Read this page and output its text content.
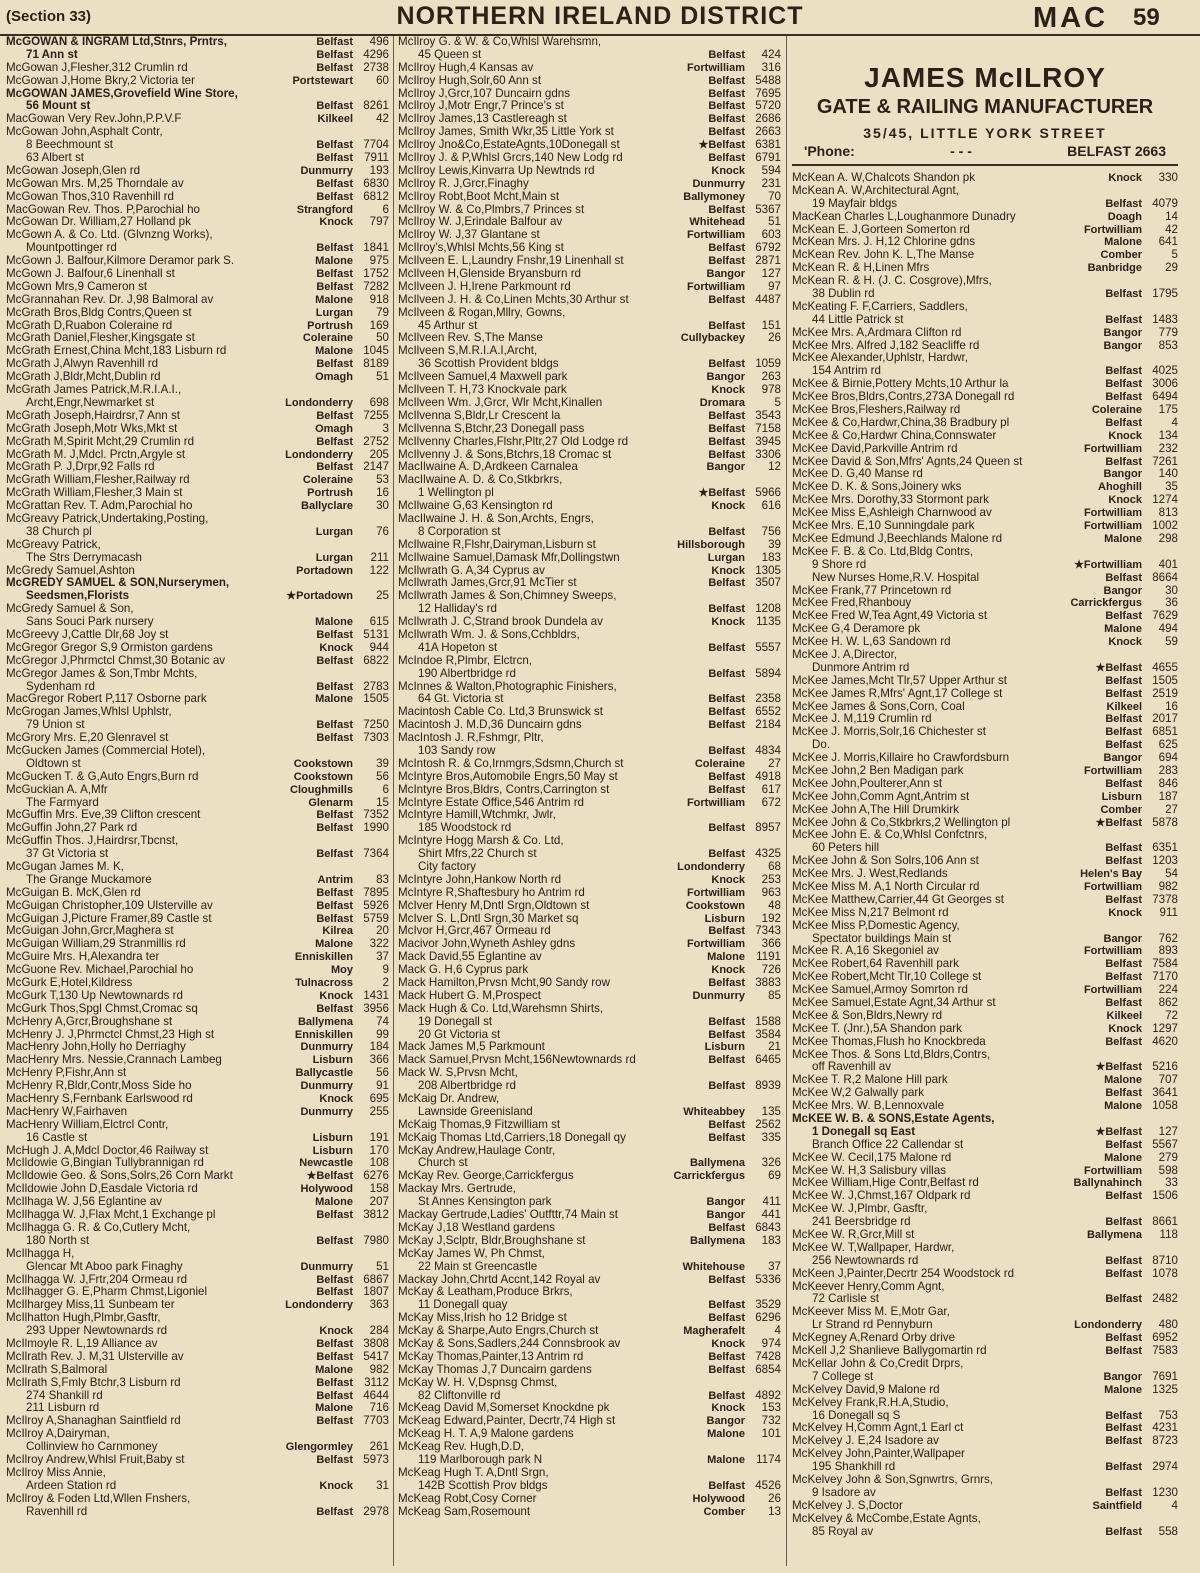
(Section 33)	NORTHERN IRELAND DISTRICT	MAC 59
JAMES McILROY
GATE & RAILING MANUFACTURER
35/45, LITTLE YORK STREET
'Phone:	- - -	BELFAST 2663
McGOWAN & INGRAM Ltd,Stnrs, Prntrs,	Belfast	496
71 Ann st	Belfast 4296
McGowan J,Flesher,312 Crumlin rd	Belfast 2738
McGowan J,Home Bkry,2 Victoria ter	Portstewart	60
McGOWAN JAMES,Grovefield Wine Store,
56 Mount st	Belfast 8261
MacGowan Very Rev.John,P.P.V.F	Kilkeel	42
McGowan John,Asphalt Contr,
8 Beechmount st	Belfast 7704
63 Albert st	Belfast 7911
McGowan Joseph,Glen rd	Dunmurry	193
McGowan Mrs. M,25 Thorndale av	Belfast 6830
McGowan Thos,310 Ravenhill rd	Belfast 6812
MacGowan Rev. Thos. P,Parochial ho	Strangford	6
McGowan Dr. William,27 Holland pk	Knock	797
McGown A. & Co. Ltd. (Glvnzng Works),
Mountpottinger rd	Belfast 1841
McGown J. Balfour,Kilmore Deramor park S.	Malone	975
McGown J. Balfour,6 Linenhall st	Belfast 1752
McGown Mrs,9 Cameron st	Belfast 7282
McGrannahan Rev. Dr. J,98 Balmoral av	Malone	918
McGrath Bros,Bldg Contrs,Queen st	Lurgan	79
McGrath D,Ruabon Coleraine rd	Portrush	169
McGrath Daniel,Flesher,Kingsgate st	Coleraine	50
McGrath Ernest,China Mcht,183 Lisburn rd	Malone 1045
McGrath J,Alwyn Ravenhill rd	Belfast 8189
McGrath J,Bldr,Mcht,Dublin rd	Omagh	51
McGrath James Patrick,M.R.I.A.I.,
Archt,Engr,Newmarket st	Londonderry	698
McGrath Joseph,Hairdrsr,7 Ann st	Belfast 7255
McGrath Joseph,Motr Wks,Mkt st	Omagh	3
McGrath M,Spirit Mcht,29 Crumlin rd	Belfast 2752
McGrath M. J,Mdcl. Prctn,Argyle st	Londonderry	205
McGrath P. J,Drpr,92 Falls rd	Belfast 2147
McGrath William,Flesher,Railway rd	Coleraine	53
McGrath William,Flesher,3 Main st	Portrush	16
McGrattan Rev. T. Adm,Parochial ho	Ballyclare	30
McGreavy Patrick,Undertaking,Posting,
38 Church pl	Lurgan	76
McGreavy Patrick,
The Strs Derrymacash	Lurgan	211
McGredy Samuel,Ashton	Portadown	122
McGREDY SAMUEL & SON,Nurserymen,
Seedsmen,Florists	★Portadown	25
McGredy Samuel & Son,
Sans Souci Park nursery	Malone	615
McGreevy J,Cattle Dlr,68 Joy st	Belfast 5131
McGregor Gregor S,9 Ormiston gardens	Knock	944
McGregor J,Phrmctcl Chmst,30 Botanic av	Belfast 6822
McGregor James & Son,Tmbr Mchts,
Sydenham rd	Belfast 2783
MacGregor Robert P,117 Osborne park	Malone 1505
McGrogan James,Whlsl Uphlstr,
79 Union st	Belfast 7250
McGrory Mrs. E,20 Glenravel st	Belfast 7303
McGucken James (Commercial Hotel),
Oldtown st	Cookstown	39
McGucken T. & G,Auto Engrs,Burn rd	Cookstown	56
McGuckian A. A,Mfr	Cloughmills	6
The Farmyard	Glenarm	15
McGuffin Mrs. Eve,39 Clifton crescent	Belfast 7352
McGuffin John,27 Park rd	Belfast 1990
McGuffin Thos. J,Hairdrsr,Tbcnst,
37 Gt Victoria st	Belfast 7364
McGugan James M. K,
The Grange Muckamore	Antrim	83
McGuigan B. McK,Glen rd	Belfast 7895
McGuigan Christopher,109 Ulsterville av	Belfast 5926
McGuigan J,Picture Framer,89 Castle st	Belfast 5759
McGuigan John,Grcr,Maghera st	Kilrea	20
McGuigan William,29 Stranmillis rd	Malone	322
McGuire Mrs. H,Alexandra ter	Enniskillen	37
McGuone Rev. Michael,Parochial ho	Moy	9
McGurk E,Hotel,Kildress	Tulnacross	2
McGurk T,130 Up Newtownards rd	Knock 1431
McGurk Thos,Spgl Chmst,Cromac sq	Belfast 3956
McHenry A,Grcr,Broughshane st	Ballymena	74
McHenry J. J,Phrmctcl Chmst,23 High st	Enniskillen	99
MacHenry John,Holly ho Derriaghy	Dunmurry	184
MacHenry Mrs. Nessie,Crannach Lambeg	Lisburn	366
McHenry P,Fishr,Ann st	Ballycastle	56
McHenry R,Bldr,Contr,Moss Side ho	Dunmurry	91
MacHenry S,Fernbank Earlswood rd	Knock	695
MacHenry W,Fairhaven	Dunmurry	255
MacHenry William,Elctrcl Contr,
16 Castle st	Lisburn	191
McHugh J. A,Mdcl Doctor,46 Railway st	Lisburn	170
McIldowie G,Bingian Tullybrannigan rd	Newcastle	108
McIldowie Geo. & Sons,Solrs,26 Corn Markt	★Belfast 6276
McIldowie John D,Easdale Victoria rd	Holywood	158
McIlhaga W. J,56 Eglantine av	Malone	207
McIlhagga W. J,Flax Mcht,1 Exchange pl	Belfast 3812
McIlhagga G. R. & Co,Cutlery Mcht,
180 North st	Belfast 7980
McIlhagga H,
Glencar Mt Aboo park Finaghy	Dunmurry	51
McIlhagga W. J,Frtr,204 Ormeau rd	Belfast 6867
McIlhagger G. E,Pharm Chmst,Ligoniel	Belfast 1807
McIlhargey Miss,11 Sunbeam ter	Londonderry	363
McIlhatton Hugh,Plmbr,Gasftr,
293 Upper Newtownards rd	Knock	284
McIlmoyle R. L,19 Alliance av	Belfast 3808
McIlrath Rev. J. M,31 Ulsterville av	Belfast 5417
McIlrath S,Balmoral	Malone	982
McIlrath S,Fmly Btchr,3 Lisburn rd	Belfast 3112
274 Shankill rd	Belfast 4644
211 Lisburn rd	Malone	716
McIlroy A,Shanaghan Saintfield rd	Belfast 7703
McIlroy A,Dairyman,
Collinview ho Carnmoney	Glengormley	261
McIlroy Andrew,Whlsl Fruit,Baby st	Belfast 5973
McIlroy Miss Annie,
Ardeen Station rd	Knock	31
McIlroy & Foden Ltd,Wllen Fnshers,
Ravenhill rd	Belfast 2978
McIlroy G. & W. & Co,Whlsl Warehsmn,
45 Queen st	Belfast	424
McIlroy Hugh,4 Kansas av	Fortwilliam	316
McIlroy Hugh,Solr,60 Ann st	Belfast 5488
McIlroy J,Grcr,107 Duncairn gdns	Belfast 7695
McIlroy J,Motr Engr,7 Prince's st	Belfast 5720
McIlroy James,13 Castlereagh st	Belfast 2686
McIlroy James, Smith Wkr,35 Little York st	Belfast 2663
McIlroy Jno&Co,EstateAgnts,10Donegall st	★Belfast 6381
McIlroy J. & P,Whlsl Grcrs,140 New Lodg rd	Belfast 6791
McIlroy Lewis,Kinvarra Up Newtnds rd	Knock	594
McIlroy R. J,Grcr,Finaghy	Dunmurry	231
McIlroy Robt,Boot Mcht,Main st	Ballymoney	70
McIlroy W. & Co,Plmbrs,7 Princes st	Belfast 5367
McIlroy W. J,Erindale Balfour av	Whitehead	51
McIlroy W. J,37 Glantane st	Fortwilliam	603
McIlroy's,Whlsl Mchts,56 King st	Belfast 6792
McIlveen E. L,Laundry Fnshr,19 Linenhall st	Belfast 2871
McIlveen H,Glenside Bryansburn rd	Bangor	127
McIlveen J. H,Irene Parkmount rd	Fortwilliam	97
McIlveen J. H. & Co,Linen Mchts,30 Arthur st	Belfast 4487
McIlveen & Rogan,Mllry, Gowns,
45 Arthur st	Belfast	151
McIlveen Rev. S,The Manse	Cullybackey	26
McIlveen S,M.R.I.A.I,Archt,
36 Scottish Provident bldgs	Belfast 1059
McIlveen Samuel,4 Maxwell park	Bangor	263
McIlveen T. H,73 Knockvale park	Knock	978
McIlveen Wm. J,Grcr, Wlr Mcht,Kinallen	Dromara	5
McIlvenna S,Bldr,Lr Crescent la	Belfast 3543
McIlvenna S,Btchr,23 Donegall pass	Belfast 7158
McIlvenny Charles,Flshr,Pltr,27 Old Lodge rd	Belfast 3945
McIlvenny J. & Sons,Btchrs,18 Cromac st	Belfast 3306
MacIlwaine A. D,Ardkeen Carnalea	Bangor	12
MacIlwaine A. D. & Co,Stkbrkrs,
1 Wellington pl	★Belfast 5966
McIlwaine G,63 Kensington rd	Knock	616
MacIlwaine J. H. & Son,Archts, Engrs,
8 Corporation st	Belfast	756
McIlwaine R,Flshr,Dairyman,Lisburn st	Hillsborough	39
McIlwaine Samuel,Damask Mfr,Dollingstwn	Lurgan	183
McIlwrath G. A,34 Cyprus av	Knock 1305
McIlwrath James,Grcr,91 McTier st	Belfast 3507
McIlwrath James & Son,Chimney Sweeps,
12 Halliday's rd	Belfast 1208
McIlwrath J. C,Strand brook Dundela av	Knock 1135
McIlwrath Wm. J. & Sons,Cchbldrs,
41A Hopeton st	Belfast 5557
McIndoe R,Plmbr, Elctrcn,
190 Albertbridge rd	Belfast 5894
McInnes & Walton,Photographic Finishers,
64 Gt. Victoria st	Belfast 2358
Macintosh Cable Co. Ltd,3 Brunswick st	Belfast 6552
Macintosh J. M.D,36 Duncairn gdns	Belfast 2184
MacIntosh J. R,Fshmgr, Pltr,
103 Sandy row	Belfast 4834
McIntosh R. & Co,Irnmgrs,Sdsmn,Church st	Coleraine	27
McIntyre Bros,Automobile Engrs,50 May st	Belfast 4918
McIntyre Bros,Bldrs, Contrs,Carrington st	Belfast	617
McIntyre Estate Office,546 Antrim rd	Fortwilliam	672
McIntyre Hamill,Wtchmkr, Jwlr,
185 Woodstock rd	Belfast 8957
McIntyre Hogg Marsh & Co. Ltd,
Shirt Mfrs,22 Church st	Belfast 4325
City factory	Londonderry	68
McIntyre John,Hankow North rd	Knock	253
McIntyre R,Shaftesbury ho Antrim rd	Fortwilliam	963
McIver Henry M,Dntl Srgn,Oldtown st	Cookstown	48
McIver S. L,Dntl Srgn,30 Market sq	Lisburn	192
McIvor H,Grcr,467 Ormeau rd	Belfast 7343
Macivor John,Wyneth Ashley gdns	Fortwilliam	366
Mack David,55 Eglantine av	Malone 1191
Mack G. H,6 Cyprus park	Knock	726
Mack Hamilton,Prvsn Mcht,90 Sandy row	Belfast 3883
Mack Hubert G. M,Prospect	Dunmurry	85
Mack Hugh & Co. Ltd,Warehsmn Shirts,
19 Donegall st	Belfast 1588
20 Gt Victoria st	Belfast 3584
Mack James M,5 Parkmount	Lisburn	21
Mack Samuel,Prvsn Mcht,156Newtownards rd	Belfast 6465
Mack W. S,Prvsn Mcht,
208 Albertbridge rd	Belfast 8939
McKaig Dr. Andrew,
Lawnside Greenisland	Whiteabbey	135
McKaig Thomas,9 Fitzwilliam st	Belfast 2562
McKaig Thomas Ltd,Carriers,18 Donegall qy	Belfast	335
McKay Andrew,Haulage Contr,
Church st	Ballymena	326
McKay Rev. George,Carrickfergus	Carrickfergus	69
Mackay Mrs. Gertrude,
St Annes Kensington park	Bangor	411
Mackay Gertrude,Ladies' Outfttr,74 Main st	Bangor	441
McKay J,18 Westland gardens	Belfast 6843
McKay J,Sclptr, Bldr,Broughshane st	Ballymena	183
McKay James W, Ph Chmst,
22 Main st Greencastle	Whitehouse	37
Mackay John,Chrtd Accnt,142 Royal av	Belfast 5336
McKay & Leatham,Produce Brkrs,
11 Donegall quay	Belfast 3529
McKay Miss,Irish ho 12 Bridge st	Belfast 6296
McKay & Sharpe,Auto Engrs,Church st	Magherafelt	4
McKay & Sons,Sadlers,244 Connsbrook av	Knock	974
McKay Thomas,Painter,13 Antrim rd	Belfast 7428
McKay Thomas J,7 Duncairn gardens	Belfast 6854
McKay W. H. V,Dspnsg Chmst,
82 Cliftonville rd	Belfast 4892
McKeag David M,Somerset Knockdne pk	Knock	153
McKeag Edward,Painter, Decrtr,74 High st	Bangor	732
McKeag H. T. A,9 Malone gardens	Malone	101
McKeag Rev. Hugh,D.D,
119 Marlborough park N	Malone 1174
McKeag Hugh T. A,Dntl Srgn,
142B Scottish Prov bldgs	Belfast 4526
McKeag Robt,Cosy Corner	Holywood	26
McKeag Sam,Rosemount	Comber	13
McKean A. W,Chalcots Shandon pk	Knock	330
McKean A. W,Architectural Agnt,
19 Mayfair bldgs	Belfast 4079
MacKean Charles L,Loughanmore Dunadry	Doagh	14
McKean E. J,Gorteen Somerton rd	Fortwilliam	42
McKean Mrs. J. H,12 Chlorine gdns	Malone	641
McKean Rev. John K. L,The Manse	Comber	5
McKean R. & H,Linen Mfrs	Banbridge	29
McKean R. & H. (J. C. Cosgrove),Mfrs,
38 Dublin rd	Belfast 1795
McKeating F. F,Carriers, Saddlers,
44 Little Patrick st	Belfast 1483
McKee Mrs. A,Ardmara Clifton rd	Bangor	779
McKee Mrs. Alfred J,182 Seacliffe rd	Bangor	853
McKee Alexander,Uphlstr, Hardwr,
154 Antrim rd	Belfast 4025
McKee & Birnie,Pottery Mchts,10 Arthur la	Belfast 3006
McKee Bros,Bldrs,Contrs,273A Donegall rd	Belfast 6494
McKee Bros,Fleshers,Railway rd	Coleraine	175
McKee & Co,Hardwr,China,38 Bradbury pl	Belfast	4
McKee & Co,Hardwr China,Connswater	Knock	134
McKee David,Parkville Antrim rd	Fortwilliam	232
McKee David & Son,Mfrs' Agnts,24 Queen st	Belfast 7261
McKee D. G,40 Manse rd	Bangor	140
McKee D. K. & Sons,Joinery wks	Ahoghill	35
McKee Mrs. Dorothy,33 Stormont park	Knock 1274
McKee Miss E,Ashleigh Charnwood av	Fortwilliam	813
McKee Mrs. E,10 Sunningdale park	Fortwilliam 1002
McKee Edmund J,Beechlands Malone rd	Malone	298
McKee F. B. & Co. Ltd,Bldg Contrs,
9 Shore rd	★Fortwilliam	401
New Nurses Home,R.V. Hospital	Belfast 8664
McKee Frank,77 Princetown rd	Bangor	30
McKee Fred,Rhanbouy	Carrickfergus	36
McKee Fred W,Tea Agnt,49 Victoria st	Belfast 7629
McKee G,4 Deramore pk	Malone	494
McKee H. W. L,63 Sandown rd	Knock	59
McKee J. A,Director,
Dunmore Antrim rd	★Belfast 4655
McKee James,Mcht Tlr,57 Upper Arthur st	Belfast 1505
McKee James R,Mfrs' Agnt,17 College st	Belfast 2519
McKee James & Sons,Corn, Coal	Kilkeel	16
McKee J. M,119 Crumlin rd	Belfast 2017
McKee J. Morris,Solr,16 Chichester st	Belfast 6851
Do.	Belfast	625
McKee J. Morris,Killaire ho Crawfordsburn	Bangor	694
McKee John,2 Ben Madigan park	Fortwilliam	283
McKee John,Poulterer,Ann st	Belfast	846
McKee John,Comm Agnt,Antrim st	Lisburn	187
McKee John A,The Hill Drumkirk	Comber	27
McKee John & Co,Stkbrkrs,2 Wellington pl	★Belfast 5878
McKee John E. & Co,Whlsl Confctnrs,
60 Peters hill	Belfast 6351
McKee John & Son Solrs,106 Ann st	Belfast 1203
McKee Mrs. J. West,Redlands	Helen's Bay	54
McKee Miss M. A,1 North Circular rd	Fortwilliam	982
McKee Matthew,Carrier,44 Gt Georges st	Belfast 7378
McKee Miss N,217 Belmont rd	Knock	911
McKee Miss P,Domestic Agency,
Spectator buildings Main st	Bangor	762
McKee R. A,16 Skegoniel av	Fortwilliam	893
McKee Robert,64 Ravenhill park	Belfast 7584
McKee Robert,Mcht Tlr,10 College st	Belfast 7170
McKee Samuel,Armoy Somrton rd	Fortwilliam	224
McKee Samuel,Estate Agnt,34 Arthur st	Belfast	862
McKee & Son,Bldrs,Newry rd	Kilkeel	72
McKee T. (Jnr.),5A Shandon park	Knock 1297
McKee Thomas,Flush ho Knockbreda	Belfast 4620
McKee Thos. & Sons Ltd,Bldrs,Contrs,
off Ravenhill av	★Belfast 5216
McKee T. R,2 Malone Hill park	Malone	707
McKee W,2 Galwally park	Belfast 3641
McKee Mrs. W. B,Lennoxvale	Malone 1058
McKEE W. B. & SONS,Estate Agents,
1 Donegall sq East	★Belfast	127
Branch Office 22 Callendar st	Belfast 5567
McKee W. Cecil,175 Malone rd	Malone	279
McKee W. H,3 Salisbury villas	Fortwilliam	598
McKee William,Hige Contr,Belfast rd	Ballynahinch	33
McKee W. J,Chmst,167 Oldpark rd	Belfast 1506
McKee W. J,Plmbr, Gasftr,
241 Beersbridge rd	Belfast 8661
McKee W. R,Grcr,Mill st	Ballymena	118
McKee W. T,Wallpaper, Hardwr,
256 Newtownards rd	Belfast 8710
McKeen J,Painter,Decrtr 254 Woodstock rd	Belfast 1078
McKeever Henry,Comm Agnt,
72 Carlisle st	Belfast 2482
McKeever Miss M. E,Motr Gar,
Lr Strand rd Pennyburn	Londonderry	480
McKegney A,Renard Orby drive	Belfast 6952
McKell J,2 Shanlieve Ballygomartin rd	Belfast 7583
McKellar John & Co,Credit Drprs,
7 College st	Bangor 7691
McKelvey David,9 Malone rd	Malone 1325
McKelvey Frank,R.H.A,Studio,
16 Donegall sq S	Belfast	753
McKelvey H,Comm Agnt,1 Earl ct	Belfast 4231
McKelvey J. E,24 Isadore av	Belfast 8723
McKelvey John,Painter,Wallpaper
195 Shankhill rd	Belfast 2974
McKelvey John & Son,Sgnwrtrs, Grnrs,
9 Isadore av	Belfast 1230
McKelvey J. S,Doctor	Saintfield	4
McKelvey & McCombe,Estate Agnts,
85 Royal av	Belfast	558
